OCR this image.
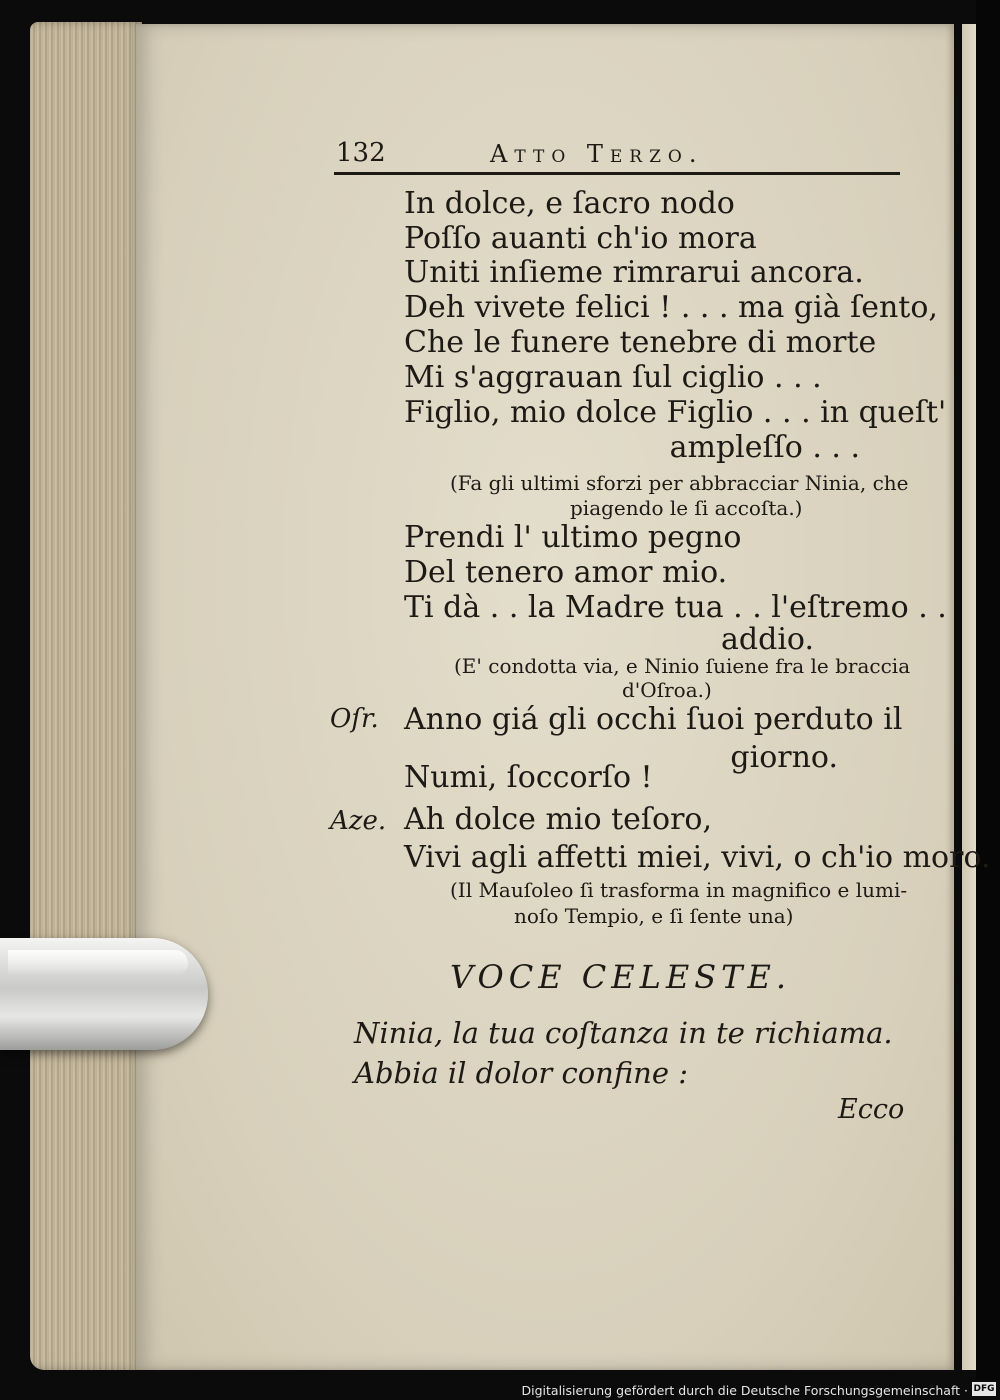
132	Atto Terzo.
In dolce, e ſacro nodo
Poſſo auanti ch'io mora
Uniti inſieme rimrarui ancora.
Deh vivete felici ! . . . ma già ſento,
Che le funere tenebre di morte
Mi s'aggrauan ſul ciglio . . .
Figlio, mio dolce Figlio . . . in queſt'
ampleſſo . . .
(Fa gli ultimi sforzi per abbracciar Ninia, che
piagendo le ſi accoſta.)
Prendi l' ultimo pegno
Del tenero amor mio.
Ti dà . . la Madre tua . . l'eſtremo . .
addio.
(E' condotta via, e Ninio ſuiene fra le braccia
d'Oſroa.)
Oſr. Anno giá gli occhi ſuoi perduto il
giorno.
Numi, ſoccorſo !
Aze. Ah dolce mio teſoro,
Vivi agli affetti miei, vivi, o ch'io moro.
(Il Mauſoleo ſi trasforma in magnifico e lumi-
noſo Tempio, e ſi ſente una)
VOCE CELESTE.
Ninia, la tua coſtanza in te richiama.
Abbia il dolor confine :
Ecco
Digitalisierung gefördert durch die Deutsche Forschungsgemeinschaft · DFG
